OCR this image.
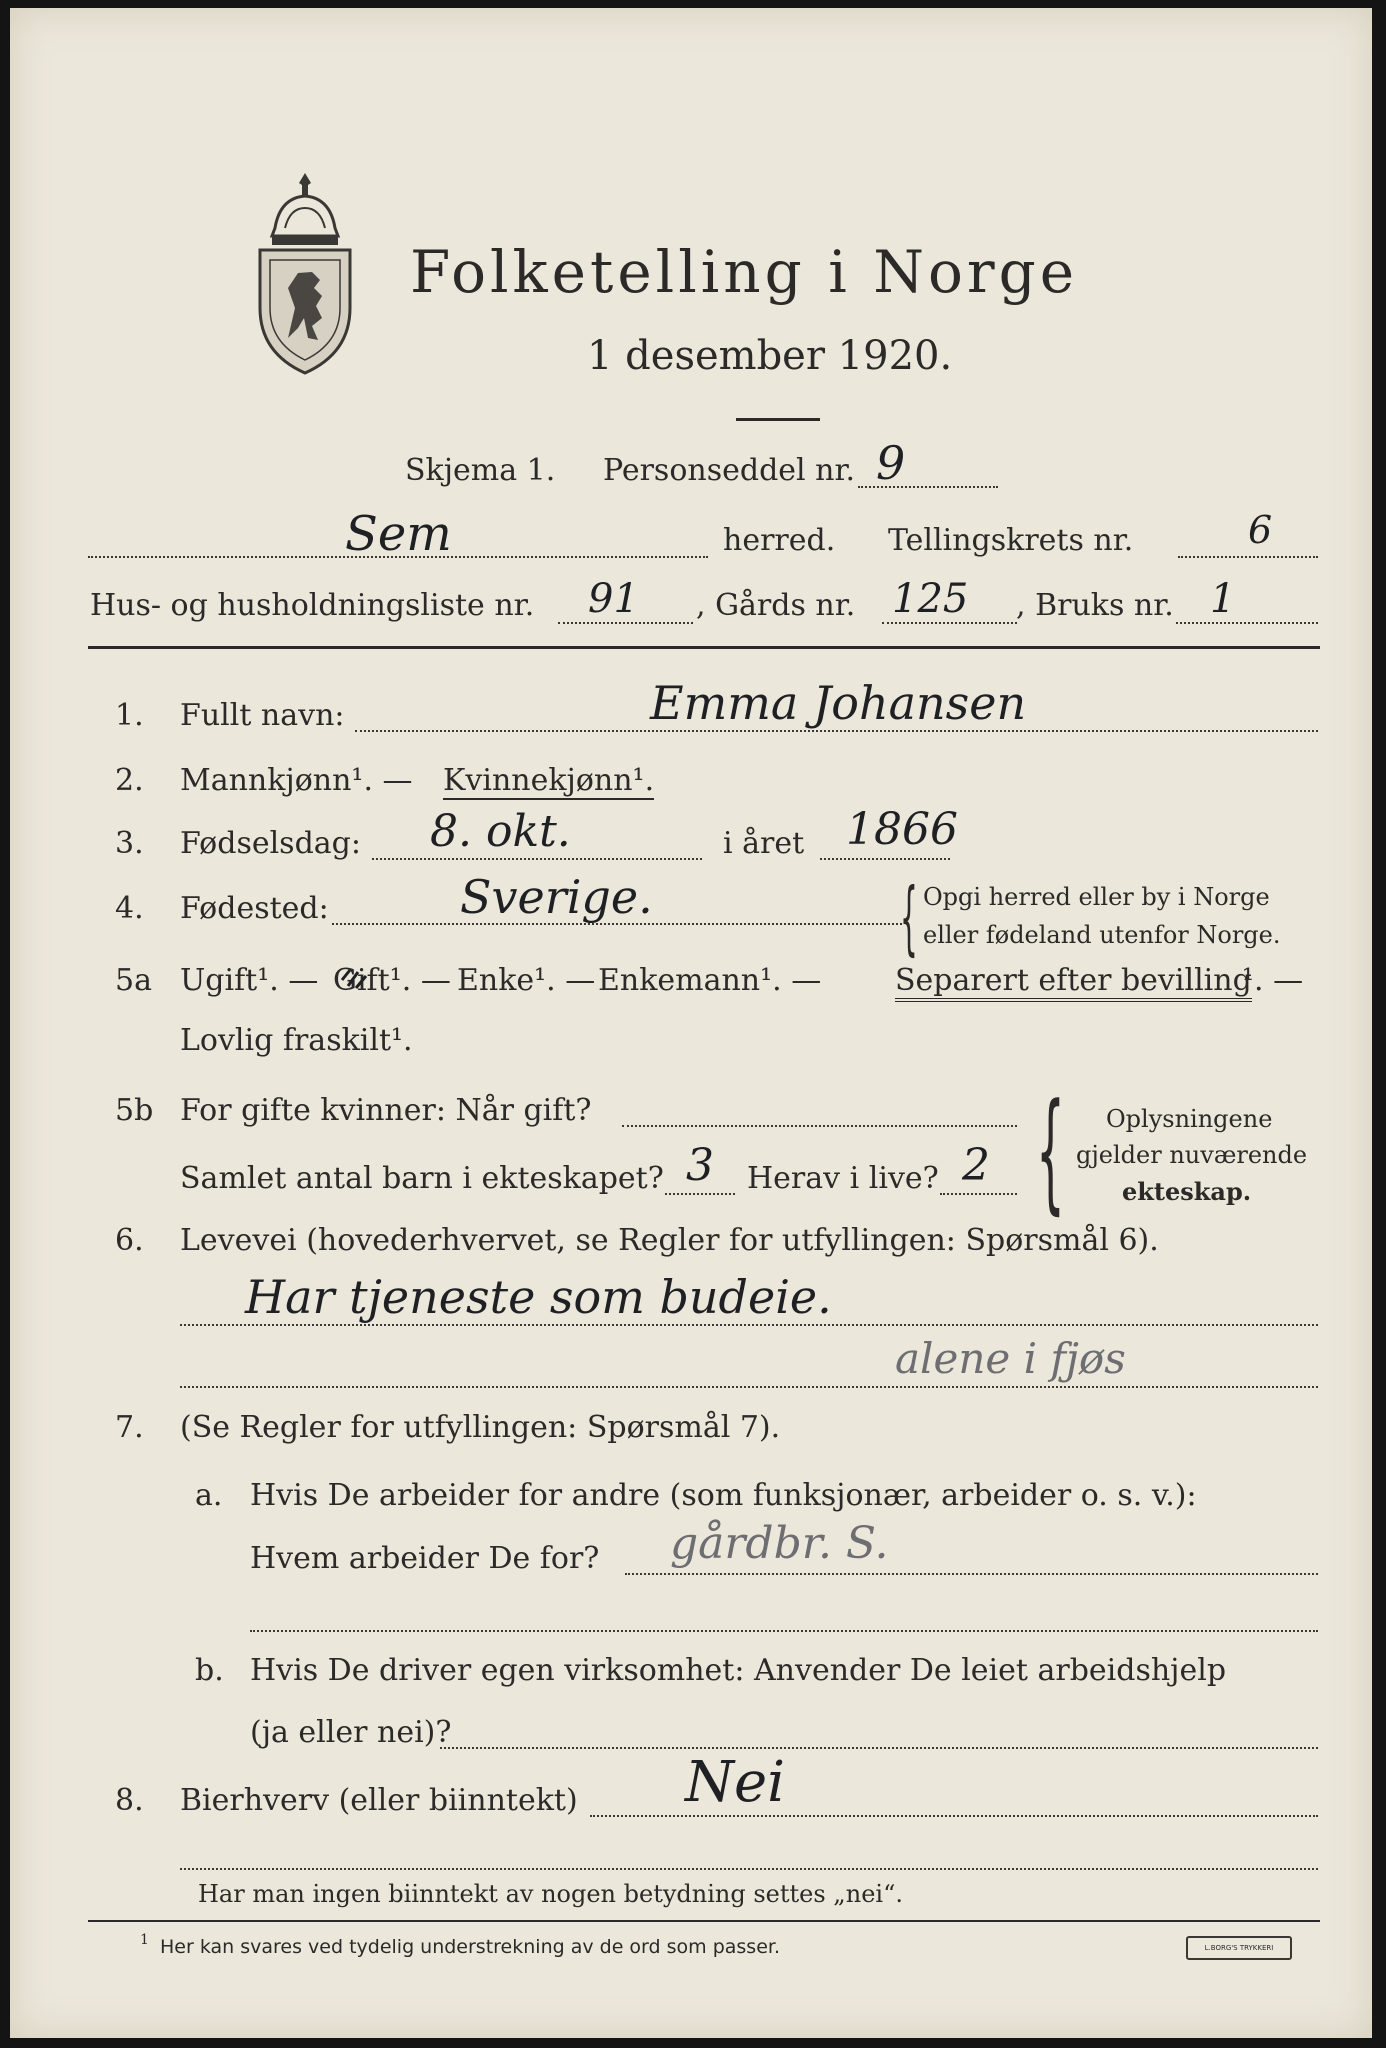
Folketelling i Norge
1 desember 1920.
Skjema 1. Personseddel nr. 9
Sem	herred. Tellingskrets nr.	6
Hus- og husholdningsliste nr. 91 , Gårds nr. 125 , Bruks nr. 1
1. Fullt navn:	Emma Johansen
2. Mannkjønn¹. — Kvinnekjønn¹.
3. Fødselsdag: 8. okt.	i året 1866
4. Fødested:	Sverige.	{ Opgi herred eller by i Norge
eller fødeland utenfor Norge.
5a Ugift¹. — Gift¹. — Enke¹. — Enkemann¹. — Separert efter bevilling
¹. —
Lovlig fraskilt¹.
5b For gifte kvinner: Når gift?
Samlet antal barn i ekteskapet? 3 Herav i live? 2 { Oplysningene
gjelder nuværende
ekteskap.
6. Levevei (hovederhvervet, se Regler for utfyllingen: Spørsmål 6).
Har tjeneste som budeie.
alene i fjøs
7. (Se Regler for utfyllingen: Spørsmål 7).
a. Hvis De arbeider for andre (som funksjonær, arbeider o. s. v.):
Hvem arbeider De for? gårdbr. S.
b. Hvis De driver egen virksomhet: Anvender De leiet arbeidshjelp
(ja eller nei)?
8. Bierhverv (eller biinntekt) Nei
Har man ingen biinntekt av nogen betydning settes „nei“.
1 Her kan svares ved tydelig understrekning av de ord som passer.	L.BORG'S TRYKKERI
